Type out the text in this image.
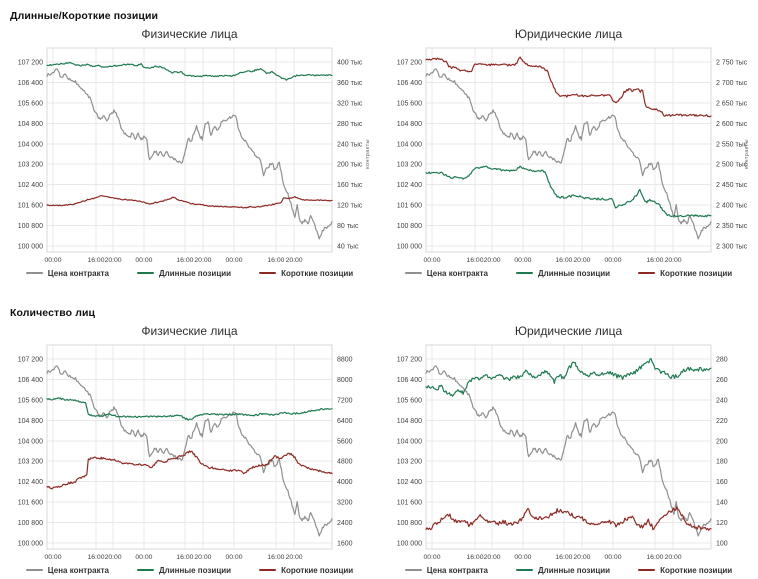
Длинные/Короткие позиции
Физические лица
107 200	400 тыс
106 400	360 тыс
105 600	320 тыс
104 800	280 тыс
104 000	240 тыс
103 200	200 тыс
102 400	160 тыс
101 600	120 тыс
100 800	80 тыс
100 000	40 тыс
00:00	16:00 20:00 00:00	16:00 20:00 00:00	16:00 20:00
контракты
Цена контракта	Длинные позиции	Короткие позиции
Юридические лица
107 200	2 750 тыс
106 400	2 700 тыс
105 600	2 650 тыс
104 800	2 600 тыс
104 000	2 550 тыс
103 200	2 500 тыс
102 400	2 450 тыс
101 600	2 400 тыс
100 800	2 350 тыс
100 000	2 300 тыс
00:00	16:00 20:00 00:00	16:00 20:00 00:00	16:00 20:00
контракты
Цена контракта	Длинные позиции	Короткие позиции
Количество лиц
Физические лица
107 200	8800
106 400	8000
105 600	7200
104 800	6400
104 000	5600
103 200	4800
102 400	4000
101 600	3200
100 800	2400
100 000	1600
00:00	16:00 20:00 00:00	16:00 20:00 00:00	16:00 20:00
Цена контракта	Длинные позиции	Короткие позиции
Юридические лица
107 200	280
106 400	260
105 600	240
104 800	220
104 000	200
103 200	180
102 400	160
101 600	140
100 800	120
100 000	100
00:00	16:00 20:00 00:00	16:00 20:00 00:00	16:00 20:00
Цена контракта	Длинные позиции	Короткие позиции
